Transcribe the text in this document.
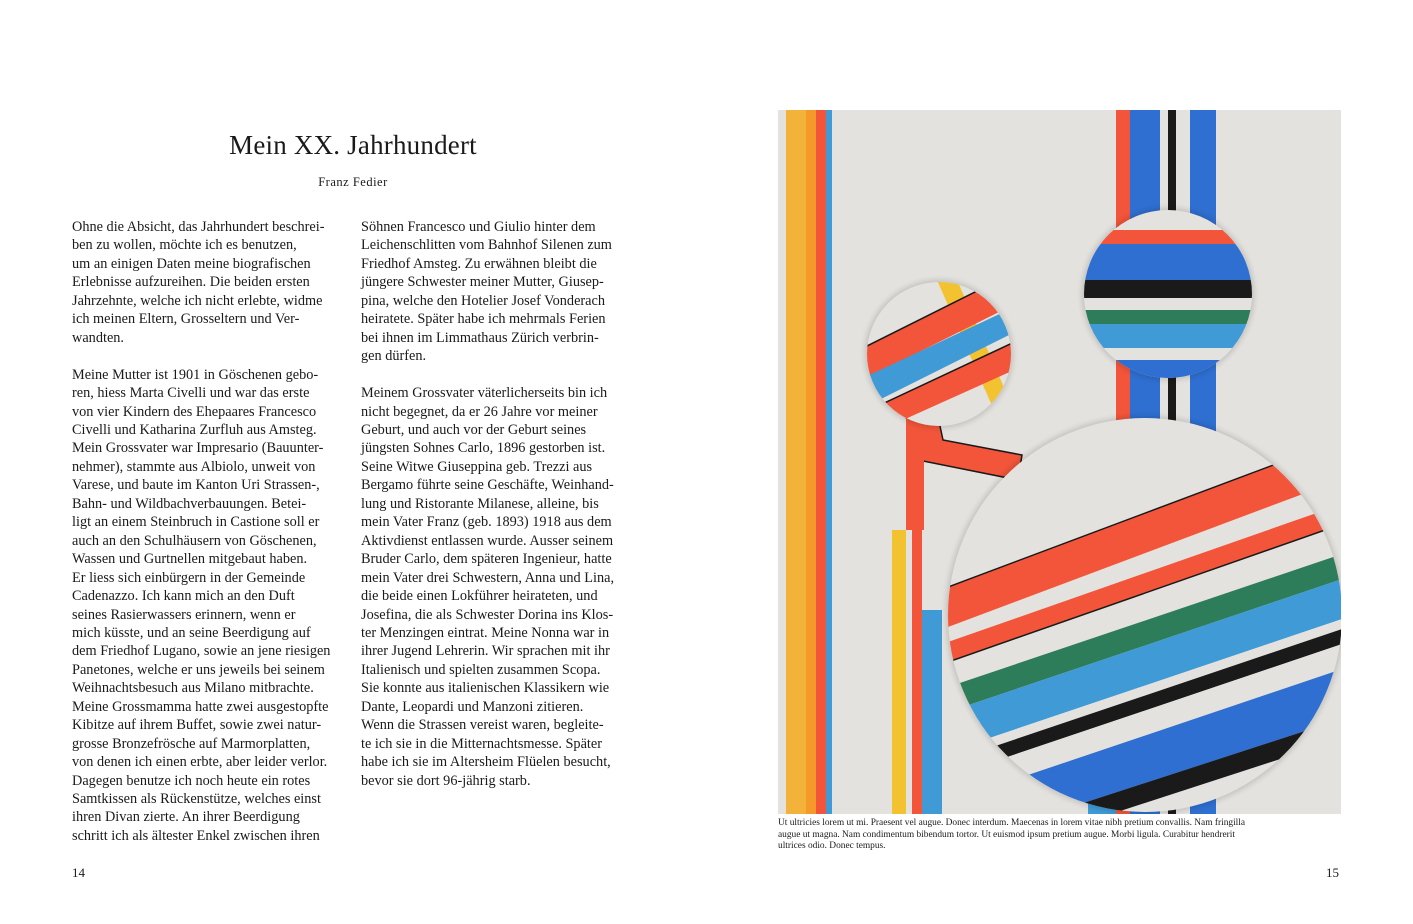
Mein XX. Jahrhundert
Franz Fedier

Ohne die Absicht, das Jahrhundert beschrei-
ben zu wollen, möchte ich es benutzen,
um an einigen Daten meine biografischen
Erlebnisse aufzureihen. Die beiden ersten
Jahrzehnte, welche ich nicht erlebte, widme
ich meinen Eltern, Grosseltern und Ver-
wandten.

Meine Mutter ist 1901 in Göschenen gebo-
ren, hiess Marta Civelli und war das erste
von vier Kindern des Ehepaares Francesco
Civelli und Katharina Zurfluh aus Amsteg.
Mein Grossvater war Impresario (Bauunter-
nehmer), stammte aus Albiolo, unweit von
Varese, und baute im Kanton Uri Strassen-,
Bahn- und Wildbachverbauungen. Betei-
ligt an einem Steinbruch in Castione soll er
auch an den Schulhäusern von Göschenen,
Wassen und Gurtnellen mitgebaut haben.
Er liess sich einbürgern in der Gemeinde
Cadenazzo. Ich kann mich an den Duft
seines Rasierwassers erinnern, wenn er
mich küsste, und an seine Beerdigung auf
dem Friedhof Lugano, sowie an jene riesigen
Panetones, welche er uns jeweils bei seinem
Weihnachtsbesuch aus Milano mitbrachte.
Meine Grossmamma hatte zwei ausgestopfte
Kibitze auf ihrem Buffet, sowie zwei natur-
grosse Bronzefrösche auf Marmorplatten,
von denen ich einen erbte, aber leider verlor.
Dagegen benutze ich noch heute ein rotes
Samtkissen als Rückenstütze, welches einst
ihren Divan zierte. An ihrer Beerdigung
schritt ich als ältester Enkel zwischen ihren

Söhnen Francesco und Giulio hinter dem
Leichenschlitten vom Bahnhof Silenen zum
Friedhof Amsteg. Zu erwähnen bleibt die
jüngere Schwester meiner Mutter, Giusep-
pina, welche den Hotelier Josef Vonderach
heiratete. Später habe ich mehrmals Ferien
bei ihnen im Limmathaus Zürich verbrin-
gen dürfen.

Meinem Grossvater väterlicherseits bin ich
nicht begegnet, da er 26 Jahre vor meiner
Geburt, und auch vor der Geburt seines
jüngsten Sohnes Carlo, 1896 gestorben ist.
Seine Witwe Giuseppina geb. Trezzi aus
Bergamo führte seine Geschäfte, Weinhand-
lung und Ristorante Milanese, alleine, bis
mein Vater Franz (geb. 1893) 1918 aus dem
Aktivdienst entlassen wurde. Ausser seinem
Bruder Carlo, dem späteren Ingenieur, hatte
mein Vater drei Schwestern, Anna und Lina,
die beide einen Lokführer heirateten, und
Josefina, die als Schwester Dorina ins Klos-
ter Menzingen eintrat. Meine Nonna war in
ihrer Jugend Lehrerin. Wir sprachen mit ihr
Italienisch und spielten zusammen Scopa.
Sie konnte aus italienischen Klassikern wie
Dante, Leopardi und Manzoni zitieren.
Wenn die Strassen vereist waren, begleite-
te ich sie in die Mitternachtsmesse. Später
habe ich sie im Altersheim Flüelen besucht,
bevor sie dort 96-jährig starb.

14
Ut ultricies lorem ut mi. Praesent vel augue. Donec interdum. Maecenas in lorem vitae nibh pretium convallis. Nam fringilla
augue ut magna. Nam condimentum bibendum tortor. Ut euismod ipsum pretium augue. Morbi ligula. Curabitur hendrerit
ultrices odio. Donec tempus.
15
